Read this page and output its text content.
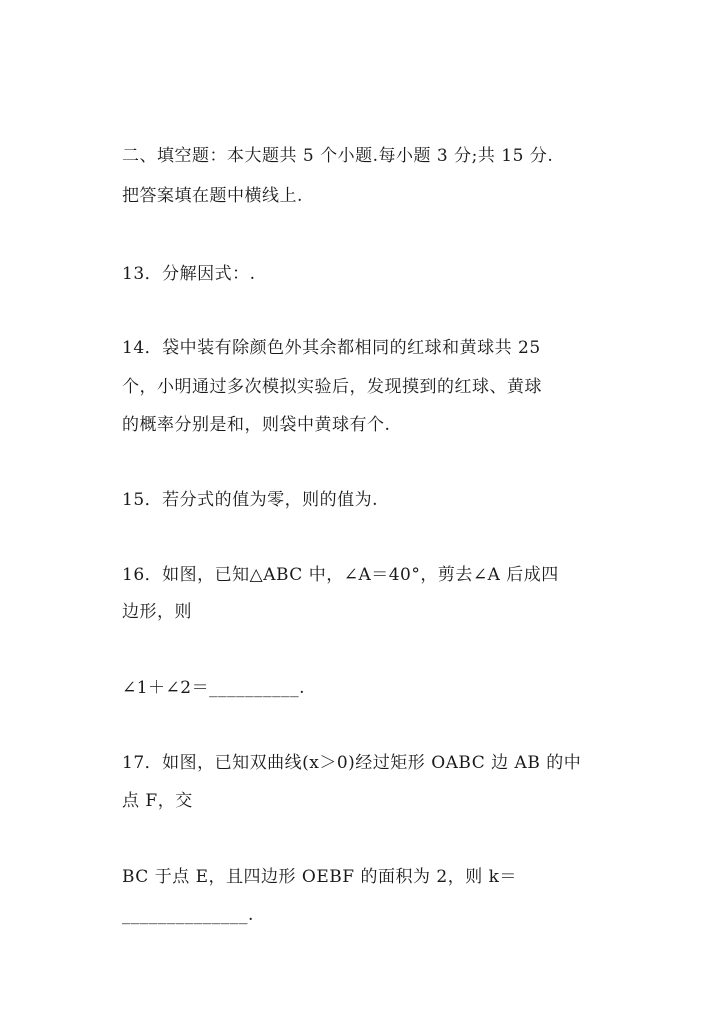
二、填空题：本大题共 5 个小题.每小题 3 分;共 15 分.
把答案填在题中横线上.
13．分解因式：.
14．袋中装有除颜色外其余都相同的红球和黄球共 25
个，小明通过多次模拟实验后，发现摸到的红球、黄球
的概率分别是和，则袋中黄球有个.
15．若分式的值为零，则的值为.
16．如图，已知△ABC 中，∠A＝40°，剪去∠A 后成四
边形，则
∠1＋∠2＝__________.
17．如图，已知双曲线(x＞0)经过矩形 OABC 边 AB 的中
点 F，交
BC 于点 E，且四边形 OEBF 的面积为 2，则 k＝
______________.
